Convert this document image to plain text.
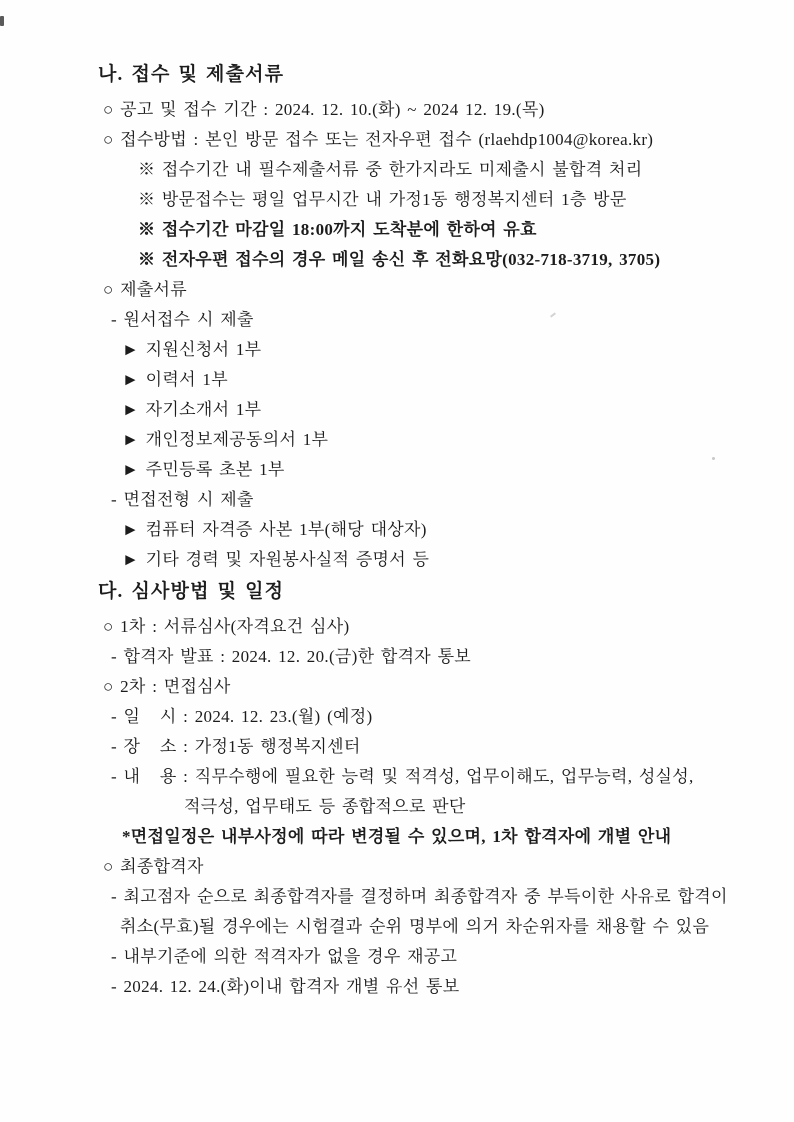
나. 접수 및 제출서류
○ 공고 및 접수 기간 : 2024. 12. 10.(화) ~ 2024 12. 19.(목)
○ 접수방법 : 본인 방문 접수 또는 전자우편 접수 (rlaehdp1004@korea.kr)
※ 접수기간 내 필수제출서류 중 한가지라도 미제출시 불합격 처리
※ 방문접수는 평일 업무시간 내 가정1동 행정복지센터 1층 방문
※ 접수기간 마감일 18:00까지 도착분에 한하여 유효
※ 전자우편 접수의 경우 메일 송신 후 전화요망(032-718-3719, 3705)
○ 제출서류
- 원서접수 시 제출
► 지원신청서 1부
► 이력서 1부
► 자기소개서 1부
► 개인정보제공동의서 1부
► 주민등록 초본 1부
- 면접전형 시 제출
► 컴퓨터 자격증 사본 1부(해당 대상자)
► 기타 경력 및 자원봉사실적 증명서 등
다. 심사방법 및 일정
○ 1차 : 서류심사(자격요건 심사)
- 합격자 발표 : 2024. 12. 20.(금)한 합격자 통보
○ 2차 : 면접심사
- 일   시 : 2024. 12. 23.(월) (예정)
- 장   소 : 가정1동 행정복지센터
- 내   용 : 직무수행에 필요한 능력 및 적격성, 업무이해도, 업무능력, 성실성,
적극성, 업무태도 등 종합적으로 판단
*면접일정은 내부사정에 따라 변경될 수 있으며, 1차 합격자에 개별 안내
○ 최종합격자
- 최고점자 순으로 최종합격자를 결정하며 최종합격자 중 부득이한 사유로 합격이
취소(무효)될 경우에는 시험결과 순위 명부에 의거 차순위자를 채용할 수 있음
- 내부기준에 의한 적격자가 없을 경우 재공고
- 2024. 12. 24.(화)이내 합격자 개별 유선 통보
